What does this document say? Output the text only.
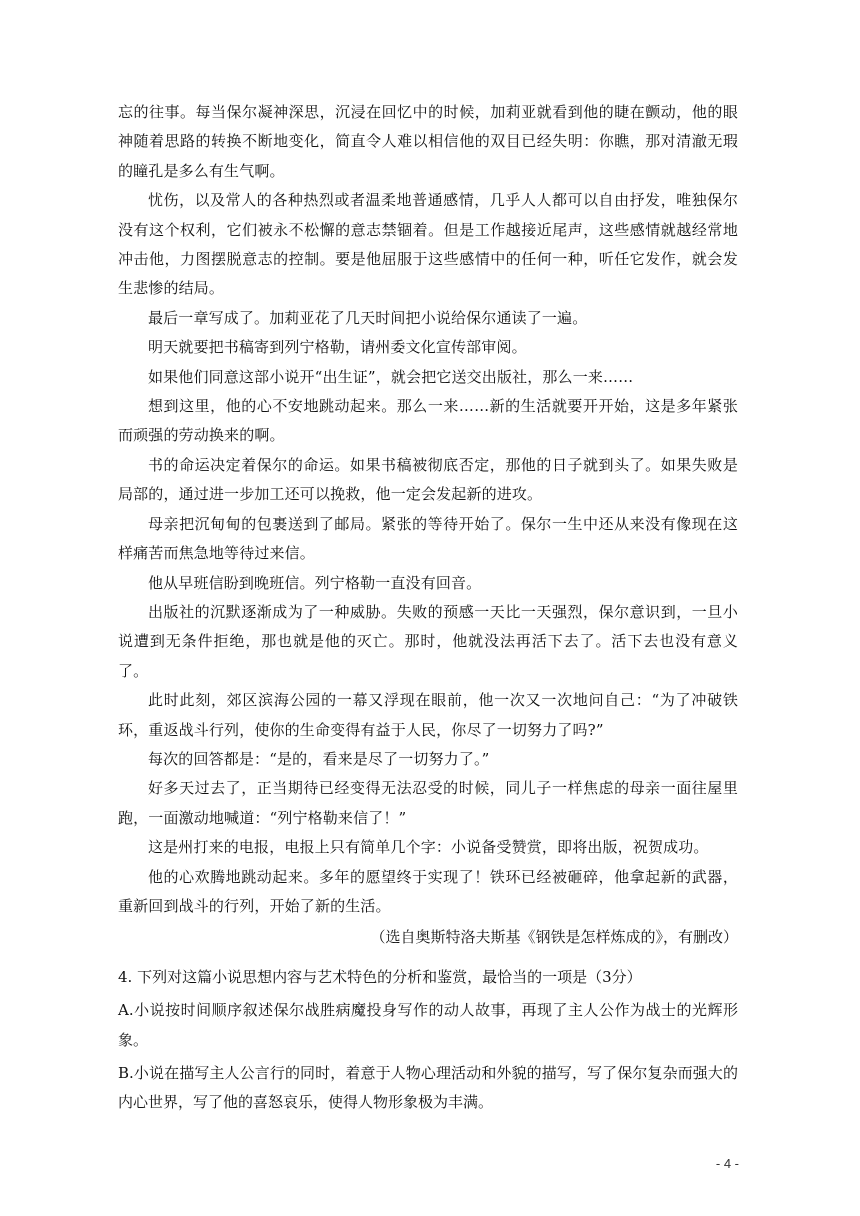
忘的往事。每当保尔凝神深思，沉浸在回忆中的时候，加莉亚就看到他的睫在颤动，他的眼神随着思路的转换不断地变化，简直令人难以相信他的双目已经失明：你瞧，那对清澈无瑕的瞳孔是多么有生气啊。

忧伤，以及常人的各种热烈或者温柔地普通感情，几乎人人都可以自由抒发，唯独保尔没有这个权利，它们被永不松懈的意志禁锢着。但是工作越接近尾声，这些感情就越经常地冲击他，力图摆脱意志的控制。要是他屈服于这些感情中的任何一种，听任它发作，就会发生悲惨的结局。

最后一章写成了。加莉亚花了几天时间把小说给保尔通读了一遍。

明天就要把书稿寄到列宁格勒，请州委文化宣传部审阅。

如果他们同意这部小说开“出生证”，就会把它送交出版社，那么一来……

想到这里，他的心不安地跳动起来。那么一来……新的生活就要开开始，这是多年紧张而顽强的劳动换来的啊。

书的命运决定着保尔的命运。如果书稿被彻底否定，那他的日子就到头了。如果失败是局部的，通过进一步加工还可以挽救，他一定会发起新的进攻。

母亲把沉甸甸的包裹送到了邮局。紧张的等待开始了。保尔一生中还从来没有像现在这样痛苦而焦急地等待过来信。

他从早班信盼到晚班信。列宁格勒一直没有回音。

出版社的沉默逐渐成为了一种威胁。失败的预感一天比一天强烈，保尔意识到，一旦小说遭到无条件拒绝，那也就是他的灭亡。那时，他就没法再活下去了。活下去也没有意义了。

此时此刻，郊区滨海公园的一幕又浮现在眼前，他一次又一次地问自己：“为了冲破铁环，重返战斗行列，使你的生命变得有益于人民，你尽了一切努力了吗?”

每次的回答都是：“是的，看来是尽了一切努力了。”

好多天过去了，正当期待已经变得无法忍受的时候，同儿子一样焦虑的母亲一面往屋里跑，一面激动地喊道：“列宁格勒来信了！”

这是州打来的电报，电报上只有简单几个字：小说备受赞赏，即将出版，祝贺成功。

他的心欢腾地跳动起来。多年的愿望终于实现了！铁环已经被砸碎，他拿起新的武器，重新回到战斗的行列，开始了新的生活。

（选自奥斯特洛夫斯基《钢铁是怎样炼成的》，有删改）

4. 下列对这篇小说思想内容与艺术特色的分析和鉴赏，最恰当的一项是（3分）

A.小说按时间顺序叙述保尔战胜病魔投身写作的动人故事，再现了主人公作为战士的光辉形象。

B.小说在描写主人公言行的同时，着意于人物心理活动和外貌的描写，写了保尔复杂而强大的内心世界，写了他的喜怒哀乐，使得人物形象极为丰满。

- 4 -
